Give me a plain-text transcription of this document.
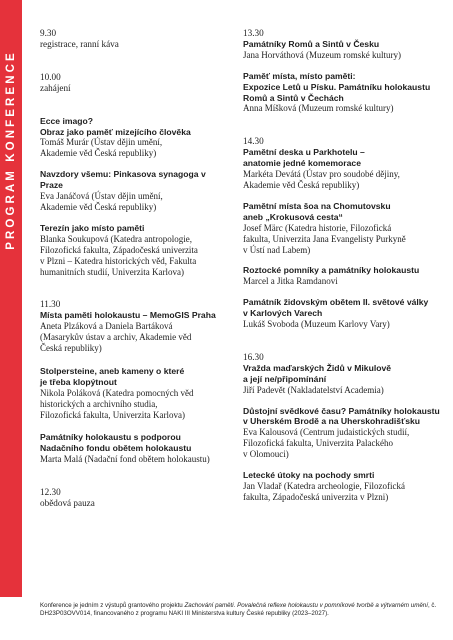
PROGRAM KONFERENCE
9.30
registrace, ranní káva
10.00
zahájení
Ecce imago?
Obraz jako paměť mizejícího člověka
Tomáš Murár (Ústav dějin umění,
Akademie věd Česká republiky)
Navzdory všemu: Pinkasova synagoga v Praze
Eva Janáčová (Ústav dějin umění,
Akademie věd Česká republiky)
Terezín jako místo paměti
Blanka Soukupová (Katedra antropologie,
Filozofická fakulta, Západočeská univerzita
v Plzni – Katedra historických věd, Fakulta
humanitních studií, Univerzita Karlova)
11.30
Místa paměti holokaustu – MemoGIS Praha
Aneta Plzáková a Daniela Bartáková
(Masarykův ústav a archiv, Akademie věd
Česká republiky)
Stolpersteine, aneb kameny o které
je třeba klopýtnout
Nikola Poláková (Katedra pomocných věd
historických a archivního studia,
Filozofická fakulta, Univerzita Karlova)
Památníky holokaustu s podporou
Nadačního fondu obětem holokaustu
Marta Malá (Nadační fond obětem holokaustu)
12.30
obědová pauza
13.30
Památníky Romů a Sintů v Česku
Jana Horváthová (Muzeum romské kultury)
Paměť místa, místo paměti:
Expozice Letů u Písku. Památníku holokaustu
Romů a Sintů v Čechách
Anna Míšková (Muzeum romské kultury)
14.30
Pamětní deska u Parkhotelu –
anatomie jedné komemorace
Markéta Devátá (Ústav pro soudobé dějiny,
Akademie věd Česká republiky)
Pamětní místa šoa na Chomutovsku
aneb „Krokusová cesta“
Josef Märc (Katedra historie, Filozofická
fakulta, Univerzita Jana Evangelisty Purkyně
v Ústí nad Labem)
Roztocké pomníky a památníky holokaustu
Marcel a Jitka Ramdanovi
Památník židovským obětem II. světové války
v Karlových Varech
Lukáš Svoboda (Muzeum Karlovy Vary)
16.30
Vražda maďarských Židů v Mikulově
a její ne/připomínání
Jiří Padevět (Nakladatelství Academia)
Důstojní svědkové času? Památníky holokaustu
v Uherském Brodě a na Uherskohradišťsku
Eva Kalousová (Centrum judaistických studií,
Filozofická fakulta, Univerzita Palackého
v Olomouci)
Letecké útoky na pochody smrti
Jan Vladař (Katedra archeologie, Filozofická
fakulta, Západočeská univerzita v Plzni)
Konference je jedním z výstupů grantového projektu Zachování paměti. Povalečná reflexe holokaustu v pomníkové tvorbě a výtvarném umění, č. DH23P03OVV014, financovaného z programu NAKI III Ministerstva kultury České republiky (2023–2027).
